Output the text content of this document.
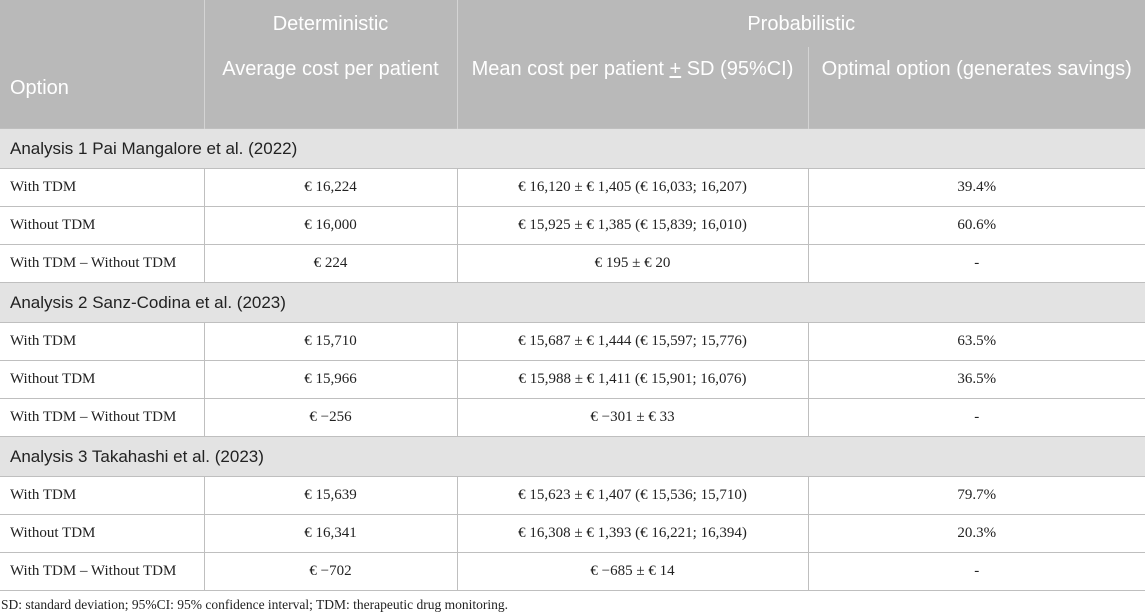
	Deterministic	Probabilistic	
Option	Average cost per patient	Mean cost per patient + SD (95%CI)	Optimal option (generates savings)
Analysis 1 Pai Mangalore et al. (2022)			
With TDM	€ 16,224	€ 16,120 ± € 1,405 (€ 16,033; 16,207)	39.4%
Without TDM	€ 16,000	€ 15,925 ± € 1,385 (€ 15,839; 16,010)	60.6%
With TDM – Without TDM	€ 224	€ 195 ± € 20	-
Analysis 2 Sanz-Codina et al. (2023)			
With TDM	€ 15,710	€ 15,687 ± € 1,444 (€ 15,597; 15,776)	63.5%
Without TDM	€ 15,966	€ 15,988 ± € 1,411 (€ 15,901; 16,076)	36.5%
With TDM – Without TDM	€ −256	€ −301 ± € 33	-
Analysis 3 Takahashi et al. (2023)			
With TDM	€ 15,639	€ 15,623 ± € 1,407 (€ 15,536; 15,710)	79.7%
Without TDM	€ 16,341	€ 16,308 ± € 1,393 (€ 16,221; 16,394)	20.3%
With TDM – Without TDM	€ −702	€ −685 ± € 14	-
SD: standard deviation; 95%CI: 95% confidence interval; TDM: therapeutic drug monitoring.
